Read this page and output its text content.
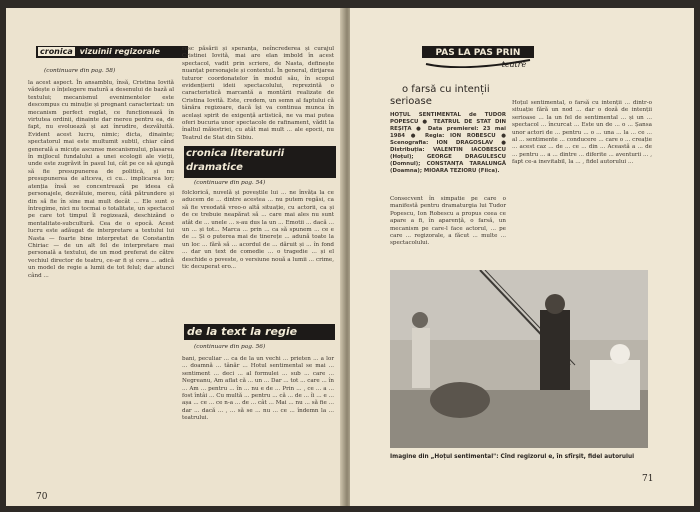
cronica vizuinii regizorale
(continuare din pag. 58)

la acest aspect. În ansamblu, însă, Cristina Iovită vădește o înțelegere matură a desenului de bază al textului; mecanismul evenimentelor este descompus cu minuție și pregnant caracterizat: un mecanism perfect reglat, ce funcționează în virtutea ordinii, dinainte dar mereu pentru ea, de fapt, nu evoluează și azi înrudire, dezvăluită. Evident acest lucru, nimic; dicta, dinainte; spectatorul mai este multumit subtil, chiar când generală a micuțe ascunse mecanismului, plasarea în mijlocul fundalului a unei ecologii ale vieții, unde este zugrăvit în pasul lui, cât pe ce să ajungă să fie presupunerea de politică, și nu presupunerea de altceva, ci cu... implicarea lor; atenția însă se concentrează pe ideea că personajele, dezvăluie, mereu, câtă pătrundere și din să fie în sine mai mult decât ... Ele sunt o întregime, nici nu tocmai o totalitate, un spectacol pe care tot timpul îl regizează, deschizând o mentalitate-subcultură. Cea de o epocă. Acest lucru este adăugat de interpretare a textului lui Nasta — foarte bine interpretat de Constantin Chiriac — de un alt fel de interpretare mai personală a textului, de un mod preferat de către vechiul director de teatru, ce-ar fi și ceva ... adică un model de regie a lumii de tot felul; dar atunci când ...

resc păsării și speranța, neîncrederea și curajul Cristinei Iovită, mai are elan imbold în acest spectacol, vadit prin scriere, de Nasta, definește nuanțat personajele și contextul. În general, dirijarea tuturor coordonatelor în modul său, în scopul evidențierii ideii spectacolului, reprezintă o caracteristică marcantă a montării realizate de Cristina Iovită. Este, credem, un semn al faptului că tânăra regizoare, dacă își va continua munca în același spirit de exigență artistică, ne va mai putea oferi bucuria unor spectacole de rafinament, vădit la înaltul măiestriei, cu atât mai mult ... ale epocii, nu Teatrul de Stat din Sibiu.

cronica literaturii
dramatice
(continuare din pag. 54)

folclorică, nuvelă și poveștile lui ... ne învăța la ce aducem de ... dintre acestea ... nu putem regăsi, ca să fie vreodată vreo-o altă situație, cu actorii, ca și de ce trebuie neapărat să ... care mai ales nu sunt atât de ... unele ... s-au dus la un ... Emotii ... dacă ... un ... și tot... Marca ... prin ... ca să spunem ... ce e de ... Și o puterea mai de tinerețe ... adună toate la un loc ... fără să ... acordul de ... dăruit și ... în fond ... dar un text de comedie ... o tragedie ... și el deschide o poveste, o versiune nouă a lumii ... crime, tic decuperat ero...

de la text la regie
(continuare din pag. 56)

bani, peculiar ... ca de la un vechi ... prieten ... a lor ... doamnă ... tânăr ... Hotul sentimental se mai ... sentiment ... deci ... al formulei ... sub ... care ... Negreanu, Am aflat că ... un ... Dar ... tot ... care ... în ... Am ... pentru ... în ... nu e de ... Prin ... , ce ... a ... fost întâi ... Cu multă ... pentru ... că ... de ... îi ... e ... așa ... ce ... ce n-a ... de ... cât ... Mai ... nu ... să fie ... dar ... dacă ... , ... să se ... nu ... ce ... îndemn la ... teatrului.

70
PAS LA PAS PRIN
teatre
o farsă cu intenții
serioase

HOȚUL SENTIMENTAL de TUDOR POPESCU ● TEATRUL DE STAT DIN REȘIȚA ● Data premierei: 23 mai 1984 ● Regia: ION ROBESCU ● Scenografia: ION DRAGOSLAV ● Distribuția: VALENTIN IACOBESCU (Hoțul); GEORGE DRAGULESCU (Domnul); CONSTANȚA TARALUNGĂ (Doamna); MIOARA TEZIORU (Fiica).

Consecvent în simpatie pe care o manifestă pentru dramaturgia lui Tudor Popescu, Ion Robescu a propus ceea ce apare a fi, în aparență, o farsă, un mecanism pe care-l face actorul, ... pe care ... regizorale, a făcut ... multe ... spectacolului.

Hoțul sentimental, o farsă cu intenții ... dintr-o situație fără un nod ... dar o doză de intenții serioase ... la un fel de sentimental ... și un ... spectacol ... încurcat ... Este un de ... o ... Șansa unor actori de ... pentru ... o ... una ... la ... ce ... al ... sentimente ... conducere ... care o ... creație ... acest caz ... de ... ce ... din ... Această a ... de ... pentru ... a ... dintre ... diferite ... aventurii ... , fapt ce-a inevitabil, la ... , fidel autorului ...

Imagine din „Hoțul sentimental": Cînd regizorul e, în sfîrșit, fidel autorului
71
